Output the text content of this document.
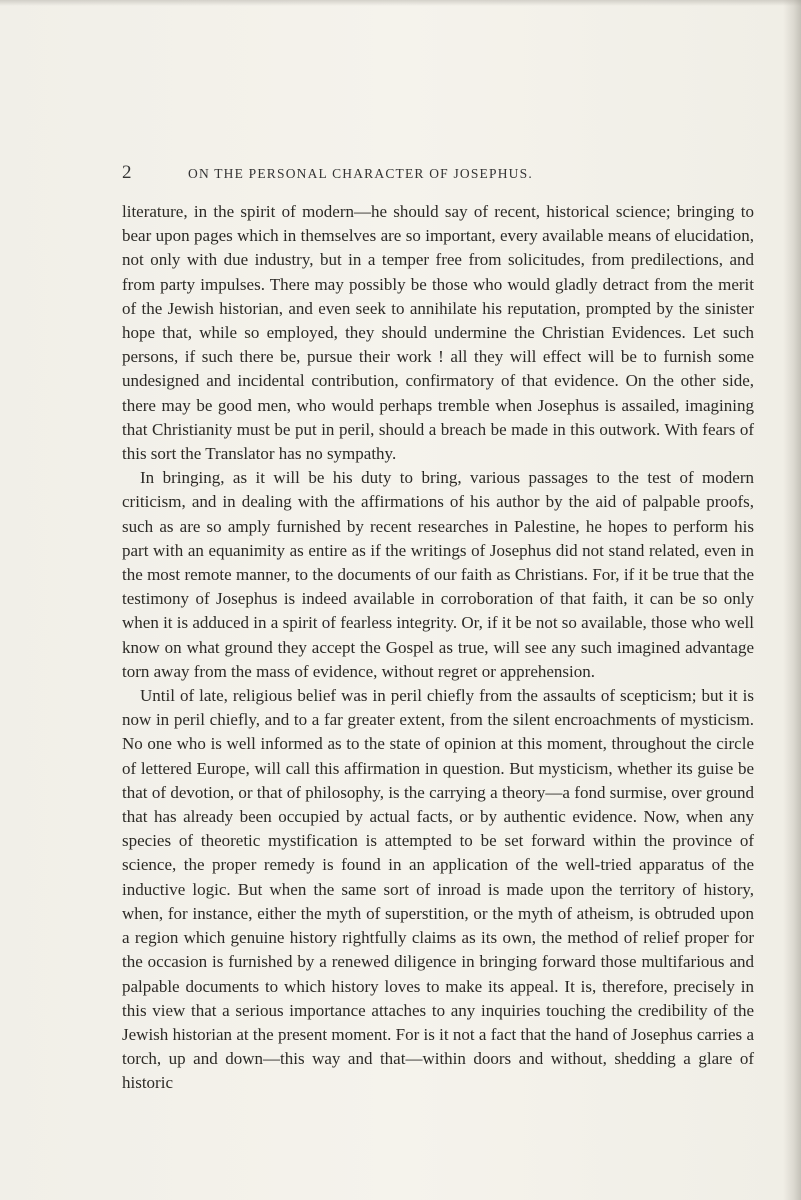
2	ON THE PERSONAL CHARACTER OF JOSEPHUS.

literature, in the spirit of modern—he should say of recent, historical science; bringing to bear upon pages which in themselves are so important, every available means of elucidation, not only with due industry, but in a temper free from solicitudes, from predilections, and from party impulses. There may possibly be those who would gladly detract from the merit of the Jewish historian, and even seek to annihilate his reputation, prompted by the sinister hope that, while so employed, they should undermine the Christian Evidences. Let such persons, if such there be, pursue their work ! all they will effect will be to furnish some undesigned and incidental contribution, confirmatory of that evidence. On the other side, there may be good men, who would perhaps tremble when Josephus is assailed, imagining that Christianity must be put in peril, should a breach be made in this outwork. With fears of this sort the Translator has no sympathy.

In bringing, as it will be his duty to bring, various passages to the test of modern criticism, and in dealing with the affirmations of his author by the aid of palpable proofs, such as are so amply furnished by recent researches in Palestine, he hopes to perform his part with an equanimity as entire as if the writings of Josephus did not stand related, even in the most remote manner, to the documents of our faith as Christians. For, if it be true that the testimony of Josephus is indeed available in corroboration of that faith, it can be so only when it is adduced in a spirit of fearless integrity. Or, if it be not so available, those who well know on what ground they accept the Gospel as true, will see any such imagined advantage torn away from the mass of evidence, without regret or apprehension.

Until of late, religious belief was in peril chiefly from the assaults of scepticism; but it is now in peril chiefly, and to a far greater extent, from the silent encroachments of mysticism. No one who is well informed as to the state of opinion at this moment, throughout the circle of lettered Europe, will call this affirmation in question. But mysticism, whether its guise be that of devotion, or that of philosophy, is the carrying a theory—a fond surmise, over ground that has already been occupied by actual facts, or by authentic evidence. Now, when any species of theoretic mystification is attempted to be set forward within the province of science, the proper remedy is found in an application of the well-tried apparatus of the inductive logic. But when the same sort of inroad is made upon the territory of history, when, for instance, either the myth of superstition, or the myth of atheism, is obtruded upon a region which genuine history rightfully claims as its own, the method of relief proper for the occasion is furnished by a renewed diligence in bringing forward those multifarious and palpable documents to which history loves to make its appeal. It is, therefore, precisely in this view that a serious importance attaches to any inquiries touching the credibility of the Jewish historian at the present moment. For is it not a fact that the hand of Josephus carries a torch, up and down—this way and that—within doors and without, shedding a glare of historic
